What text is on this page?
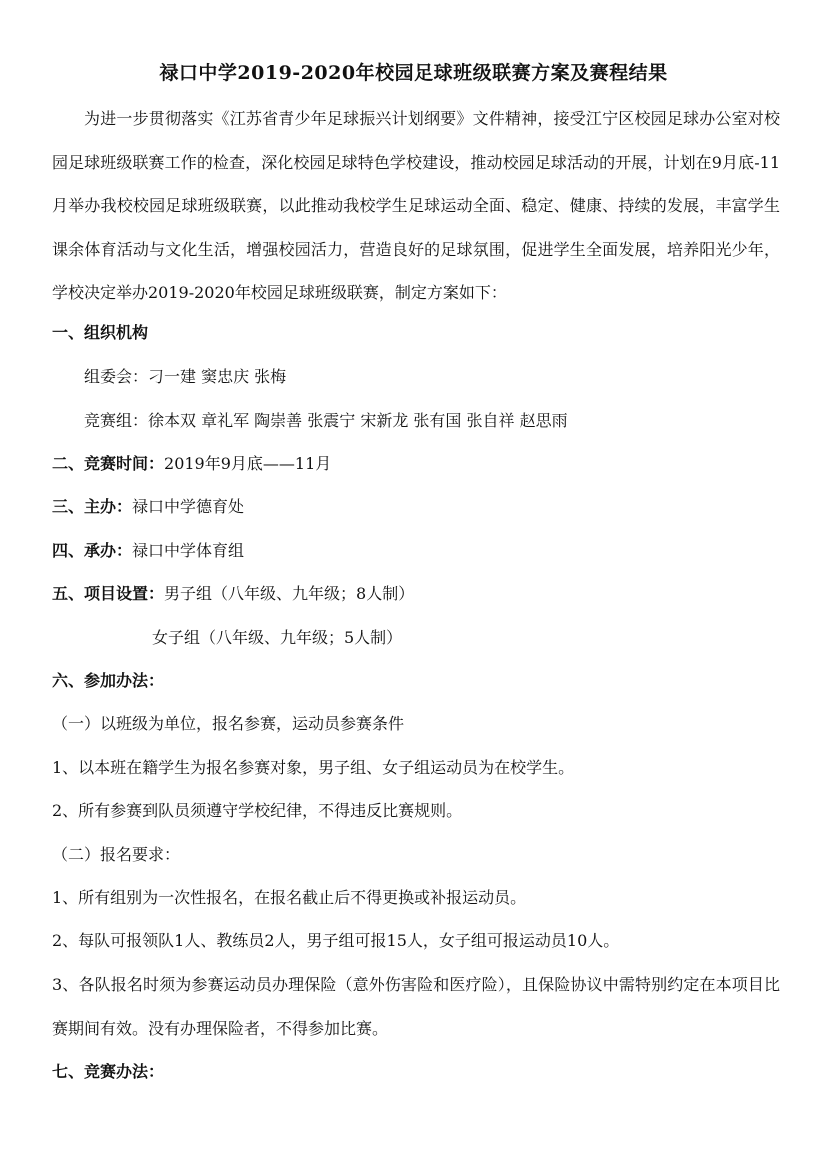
禄口中学2019-2020年校园足球班级联赛方案及赛程结果
为进一步贯彻落实《江苏省青少年足球振兴计划纲要》文件精神，接受江宁区校园足球办公室对校园足球班级联赛工作的检查，深化校园足球特色学校建设，推动校园足球活动的开展，计划在9月底-11月举办我校校园足球班级联赛，以此推动我校学生足球运动全面、稳定、健康、持续的发展，丰富学生课余体育活动与文化生活，增强校园活力，营造良好的足球氛围，促进学生全面发展，培养阳光少年，学校决定举办2019-2020年校园足球班级联赛，制定方案如下：
一、组织机构
组委会：刁一建 窦忠庆 张梅
竞赛组：徐本双 章礼军 陶崇善 张震宁 宋新龙 张有国 张自祥 赵思雨
二、竞赛时间：2019年9月底——11月
三、主办：禄口中学德育处
四、承办：禄口中学体育组
五、项目设置：男子组（八年级、九年级；8人制）
女子组（八年级、九年级；5人制）
六、参加办法：
（一）以班级为单位，报名参赛，运动员参赛条件
1、以本班在籍学生为报名参赛对象，男子组、女子组运动员为在校学生。
2、所有参赛到队员须遵守学校纪律，不得违反比赛规则。
（二）报名要求：
1、所有组别为一次性报名，在报名截止后不得更换或补报运动员。
2、每队可报领队1人、教练员2人，男子组可报15人，女子组可报运动员10人。
3、各队报名时须为参赛运动员办理保险（意外伤害险和医疗险），且保险协议中需特别约定在本项目比赛期间有效。没有办理保险者，不得参加比赛。
七、竞赛办法：
